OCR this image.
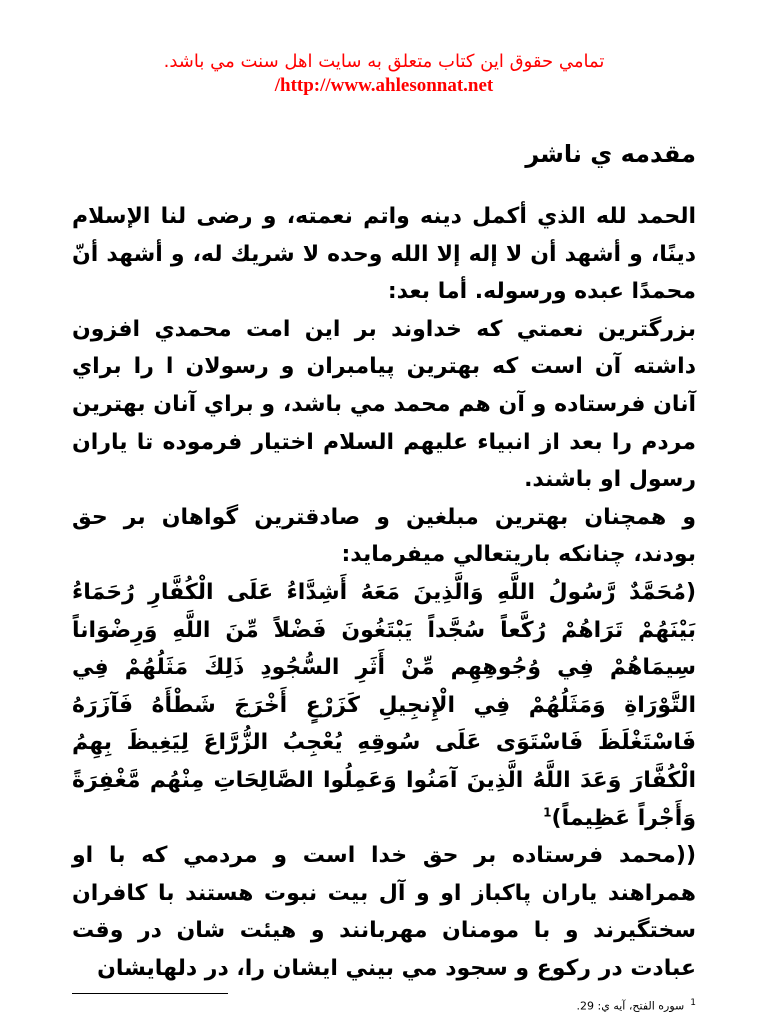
تمامي حقوق اين كتاب متعلق به سايت اهل سنت مي باشد.
/http://www.ahlesonnat.net
مقدمه ي ناشر

الحمد لله الذي أكمل دينه واتم نعمته، و رضى لنا الإسلام دينًا، و أشهد أن لا إله إلا الله وحده لا شريك له، و أشهد أنّ محمدًا عبده ورسوله. أما بعد:

بزرگترين نعمتي كه خداوند بر اين امت محمدي افزون داشته آن است كه بهترين پيامبران و رسولان ا را براي آنان فرستاده و آن هم محمد مي باشد، و براي آنان بهترين مردم را بعد از انبياء عليهم السلام اختيار فرموده تا ياران رسول او باشند.

و همچنان بهترين مبلغين و صادقترين گواهان بر حق بودند، چنانكه باريتعالي ميفرمايد:

(مُحَمَّدٌ رَّسُولُ اللَّهِ وَالَّذِينَ مَعَهُ أَشِدَّاءُ عَلَى الْكُفَّارِ رُحَمَاءُ بَيْنَهُمْ تَرَاهُمْ رُكَّعاً سُجَّداً يَبْتَغُونَ فَضْلاً مِّنَ اللَّهِ وَرِضْوَاناً سِيمَاهُمْ فِي وُجُوهِهِم مِّنْ أَثَرِ السُّجُودِ ذَلِكَ مَثَلُهُمْ فِي التَّوْرَاةِ وَمَثَلُهُمْ فِي الْإِنجِيلِ كَزَرْعٍ أَخْرَجَ شَطْأَهُ فَآزَرَهُ فَاسْتَغْلَظَ فَاسْتَوَى عَلَى سُوقِهِ يُعْجِبُ الزُّرَّاعَ لِيَغِيظَ بِهِمُ الْكُفَّارَ وَعَدَ اللَّهُ الَّذِينَ آمَنُوا وَعَمِلُوا الصَّالِحَاتِ مِنْهُم مَّغْفِرَةً وَأَجْراً عَظِيماً)$^1$

((محمد فرستاده بر حق خدا است و مردمي كه با او همراهند ياران پاكباز او و آل بيت نبوت هستند با كافران سختگيرند و با مومنان مهربانند و هيئت شان در وقت عبادت در ركوع و سجود مي بيني ايشان را، در دلهايشان

$^1$سوره الفتح، آيه ي: 29.
